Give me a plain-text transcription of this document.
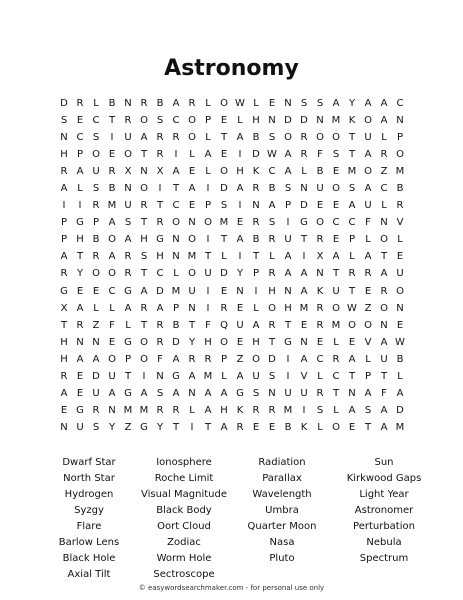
Astronomy
D R L B N R B A R L O W L	E N S S A Y A A C
S E C T R O S C O P E	L H N D D N M K O A N
N C S	I	U A R R O L	T A B S O R O O T U L	P
H P O E O T R	I	L A E	I	D W A R F S T A R O
R A U R X N X A E	L O H K C A L B E M O Z M
A L	S B N O	I	T A	I	D A R B S N U O S A C B
I	I	R M U R T C E P S	I	N A P D E E A U L R
P G P A S T R O N O M E R S	I	G O C C F N V
P H B O A H G N O	I	T A B R U T R E P	L O L
A T R A R S H N M T	L	I	T	L A	I	X A L A T E
R Y O O R T C L O U D Y P R A A N T R R A U
G E E C G A D M U	I	E N	I	H N A K U T E R O
X A L	L A R A P N	I	R E	L O H M R O W Z O N
T R Z F	L	T R B T	F Q U A R T E R M O O N E
H N N E G O R D Y H O E H T G N E	L	E V A W
H A A O P O F A R R P Z O D	I	A C R A L U B
R E D U T	I	N G A M L A U S	I	V L C T P T	L
A E U A G A S A N A A G S N U U R T N A F A
E G R N M M R R L A H K R R M	I	S	L A S A D
N U S Y Z G Y T	I	T A R E E B K L O E T A M
Dwarf Star
North Star
Hydrogen
Syzgy
Flare
Barlow Lens
Black Hole
Axial Tilt
Ionosphere
Roche Limit
Visual Magnitude
Black Body
Oort Cloud
Zodiac
Worm Hole
Sectroscope
Radiation
Parallax
Wavelength
Umbra
Quarter Moon
Nasa
Pluto
Sun
Kirkwood Gaps
Light Year
Astronomer
Perturbation
Nebula
Spectrum
© easywordsearchmaker.com - for personal use only
